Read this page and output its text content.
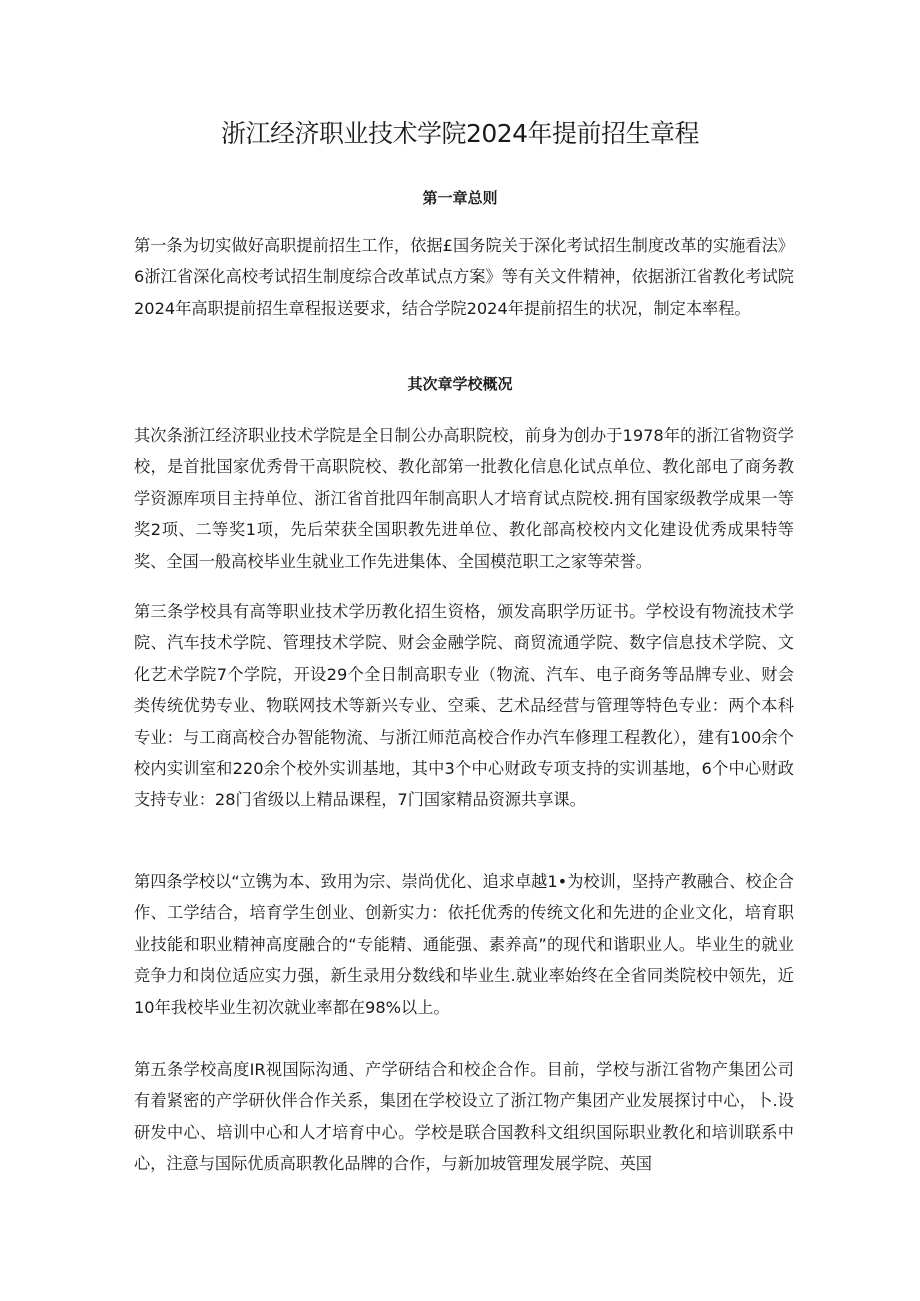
浙江经济职业技术学院2024年提前招生章程
第一章总则

第一条为切实做好高职提前招生工作，依据£国务院关于深化考试招生制度改革的实施看法》6浙江省深化高校考试招生制度综合改革试点方案》等有关文件精神，依据浙江省教化考试院2024年高职提前招生章程报送要求，结合学院2024年提前招生的状况，制定本率程。

其次章学校概况

其次条浙江经济职业技术学院是全日制公办高职院校，前身为创办于1978年的浙江省物资学校，是首批国家优秀骨干高职院校、教化部第一批教化信息化试点单位、教化部电了商务教学资源库项目主持单位、浙江省首批四年制高职人才培育试点院校.拥有国家级教学成果一等奖2项、二等奖1项，先后荣获全国职教先进单位、教化部高校校内文化建设优秀成果特等奖、全国一般高校毕业生就业工作先进集体、全国模范职工之家等荣誉。

第三条学校具有高等职业技术学历教化招生资格，颁发高职学历证书。学校设有物流技术学院、汽车技术学院、管理技术学院、财会金融学院、商贸流通学院、数字信息技术学院、文化艺术学院7个学院，开设29个全日制高职专业（物流、汽车、电子商务等品牌专业、财会类传统优势专业、物联网技术等新兴专业、空乘、艺术品经营与管理等特色专业：两个本科专业：与工商高校合办智能物流、与浙江师范高校合作办汽车修理工程教化），建有100余个校内实训室和220余个校外实训基地，其中3个中心财政专项支持的实训基地，6个中心财政支持专业：28门省级以上精品课程，7门国家精品资源共享课。

第四条学校以“立镌为本、致用为宗、崇尚优化、追求卓越1•为校训，坚持产教融合、校企合作、工学结合，培育学生创业、创新实力：依托优秀的传统文化和先进的企业文化，培育职业技能和职业精神高度融合的“专能精、通能强、素养高”的现代和谐职业人。毕业生的就业竞争力和岗位适应实力强，新生录用分数线和毕业生.就业率始终在全省同类院校中领先，近10年我校毕业生初次就业率都在98%以上。

第五条学校高度IR视国际沟通、产学研结合和校企合作。目前，学校与浙江省物产集团公司有着紧密的产学研伙伴合作关系，集团在学校设立了浙江物产集团产业发展探讨中心，卜.设研发中心、培训中心和人才培育中心。学校是联合国教科文组织国际职业教化和培训联系中心，注意与国际优质高职教化品牌的合作，与新加坡管理发展学院、英国
